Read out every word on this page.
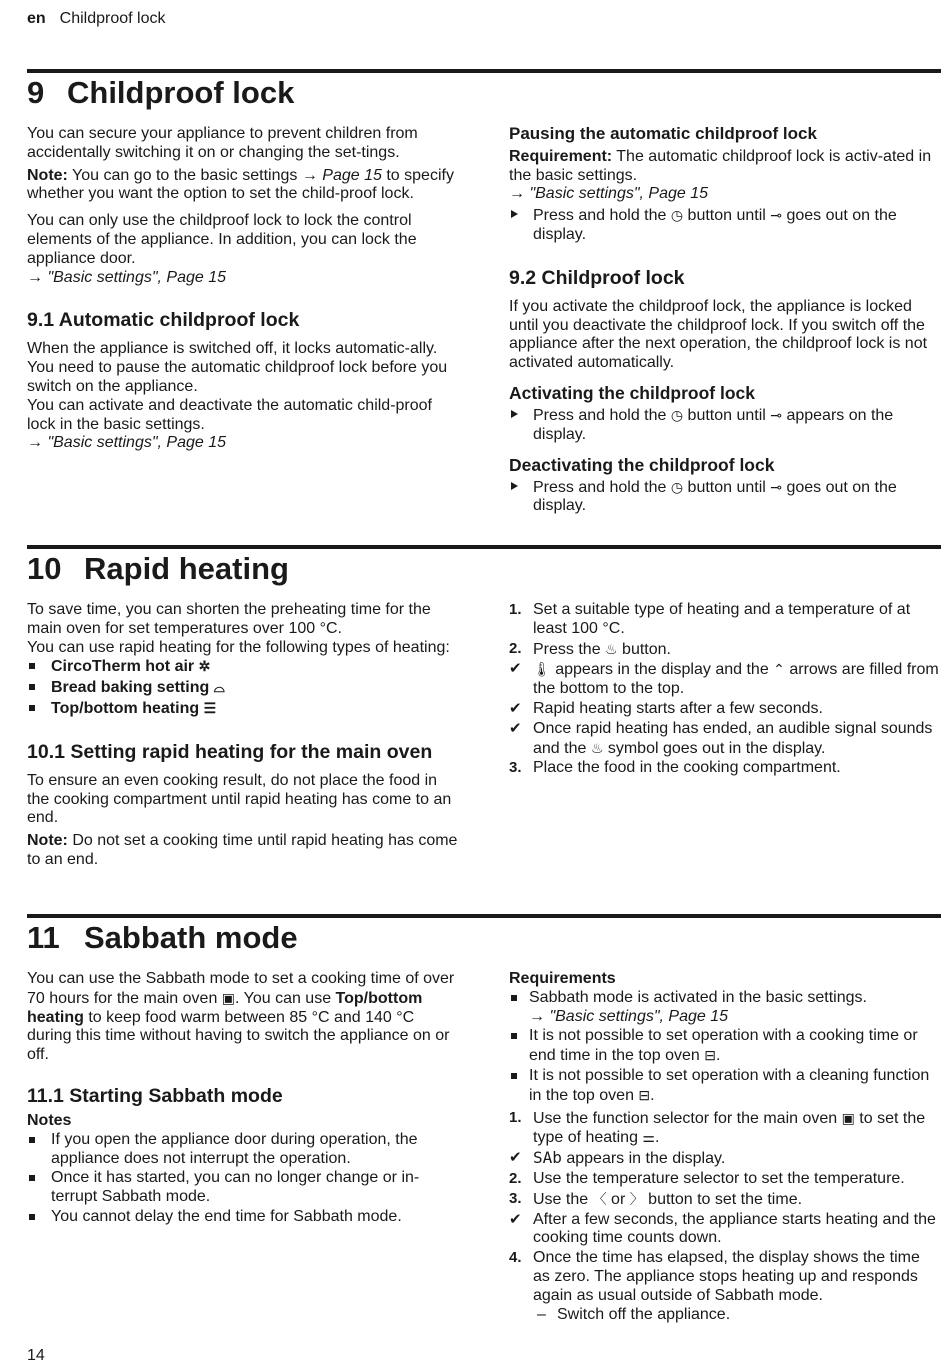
en Childproof lock
9 Childproof lock

You can secure your appliance to prevent children from accidentally switching it on or changing the set-tings.

Note: You can go to the basic settings → Page 15 to specify whether you want the option to set the child-proof lock.

You can only use the childproof lock to lock the control elements of the appliance. In addition, you can lock the appliance door.

→ "Basic settings", Page 15

9.1 Automatic childproof lock

When the appliance is switched off, it locks automatic-ally. You need to pause the automatic childproof lock before you switch on the appliance.

You can activate and deactivate the automatic child-proof lock in the basic settings.

→ "Basic settings", Page 15

Pausing the automatic childproof lock

Requirement: The automatic childproof lock is activ-ated in the basic settings.

→ "Basic settings", Page 15

Press and hold the ◷ button until ⊸ goes out on the display.
9.2 Childproof lock

If you activate the childproof lock, the appliance is locked until you deactivate the childproof lock. If you switch off the appliance after the next operation, the childproof lock is not activated automatically.

Activating the childproof lock
Press and hold the ◷ button until ⊸ appears on the display.
Deactivating the childproof lock
Press and hold the ◷ button until ⊸ goes out on the display.
10 Rapid heating

To save time, you can shorten the preheating time for the main oven for set temperatures over 100 °C.

You can use rapid heating for the following types of heating:

CircoTherm hot air ✲
Bread baking setting ⌓
Top/bottom heating ☰
10.1 Setting rapid heating for the main oven

To ensure an even cooking result, do not place the food in the cooking compartment until rapid heating has come to an end.

Note: Do not set a cooking time until rapid heating has come to an end.

1. Set a suitable type of heating and a temperature of at least 100 °C.
2. Press the ♨ button.
✔ 🌡 appears in the display and the ⌃ arrows are filled from the bottom to the top.
✔ Rapid heating starts after a few seconds.
✔ Once rapid heating has ended, an audible signal sounds and the ♨ symbol goes out in the display.
3. Place the food in the cooking compartment.
11 Sabbath mode

You can use the Sabbath mode to set a cooking time of over 70 hours for the main oven ▣. You can use Top/bottom heating to keep food warm between 85 °C and 140 °C during this time without having to switch the appliance on or off.

11.1 Starting Sabbath mode
Notes
If you open the appliance door during operation, the appliance does not interrupt the operation.
Once it has started, you can no longer change or in-terrupt Sabbath mode.
You cannot delay the end time for Sabbath mode.
Requirements
Sabbath mode is activated in the basic settings.
→ "Basic settings", Page 15
It is not possible to set operation with a cooking time or end time in the top oven ⊟.
It is not possible to set operation with a cleaning function in the top oven ⊟.
1. Use the function selector for the main oven ▣ to set the type of heating ⚌.
✔ SAb appears in the display.
2. Use the temperature selector to set the temperature.
3. Use the 〈 or 〉 button to set the time.
✔ After a few seconds, the appliance starts heating and the cooking time counts down.
4. Once the time has elapsed, the display shows the time as zero. The appliance stops heating up and responds again as usual outside of Sabbath mode.
– Switch off the appliance.
14
